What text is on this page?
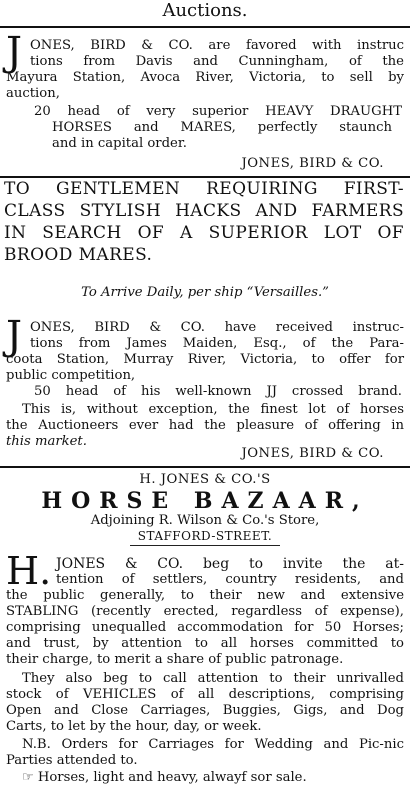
Auctions.
J ONES, BIRD & CO. are favored with instruc
tions from Davis and Cunningham, of the
Mayura Station, Avoca River, Victoria, to sell by
auction,
20 head of very superior HEAVY DRAUGHT
HORSES and MARES, perfectly staunch
and in capital order.
JONES, BIRD & CO.
TO GENTLEMEN REQUIRING FIRST-
CLASS STYLISH HACKS AND FARMERS
IN SEARCH OF A SUPERIOR LOT OF
BROOD MARES.
To Arrive Daily, per ship “Versailles.”
J ONES, BIRD & CO. have received instruc-
tions from James Maiden, Esq., of the Para-
coota Station, Murray River, Victoria, to offer for
public competition,
50 head of his well-known JJ crossed brand.
This is, without exception, the finest lot of horses
the Auctioneers ever had the pleasure of offering in
this market.
JONES, BIRD & CO.
H. JONES & CO.'S
HORSE BAZAAR,
Adjoining R. Wilson & Co.'s Store,
STAFFORD-STREET.
H. JONES & CO. beg to invite the at-
tention of settlers, country residents, and
the public generally, to their new and extensive
STABLING (recently erected, regardless of expense),
comprising unequalled accommodation for 50 Horses;
and trust, by attention to all horses committed to
their charge, to merit a share of public patronage.
They also beg to call attention to their unrivalled
stock of VEHICLES of all descriptions, comprising
Open and Close Carriages, Buggies, Gigs, and Dog
Carts, to let by the hour, day, or week.
N.B. Orders for Carriages for Wedding and Pic-nic
Parties attended to.
☞ Horses, light and heavy, alwayf sor sale.
